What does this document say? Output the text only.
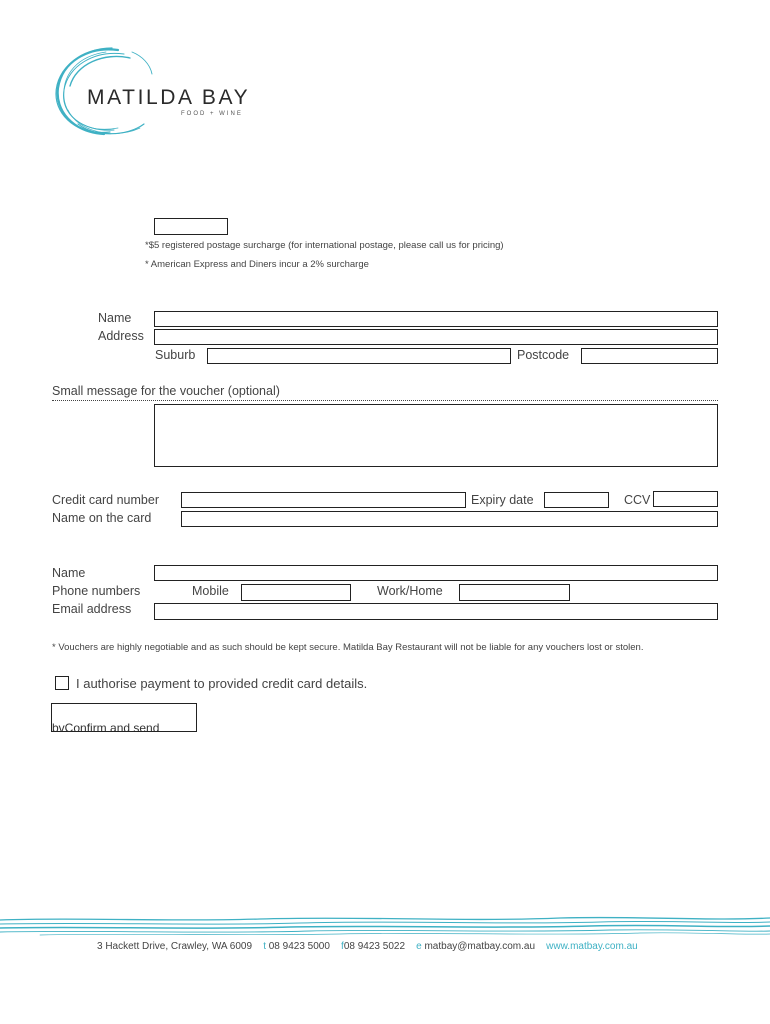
MATILDA BAY
FOOD + WINE
*$5 registered postage surcharge (for international postage, please call us for pricing)
* American Express and Diners incur a 2% surcharge
Name
Address
Suburb	Postcode
Small message for the voucher (optional)
Credit card number	Expiry date	CCV
Name on the card
Name
Phone numbers	Mobile	Work/Home
Email address
* Vouchers are highly negotiable and as such should be kept secure. Matilda Bay Restaurant will not be liable for any vouchers lost or stolen.
I authorise payment to provided credit card details.
bvConfirm and send
3 Hackett Drive, Crawley, WA 6009 t 08 9423 5000 f08 9423 5022 e matbay@matbay.com.au www.matbay.com.au
